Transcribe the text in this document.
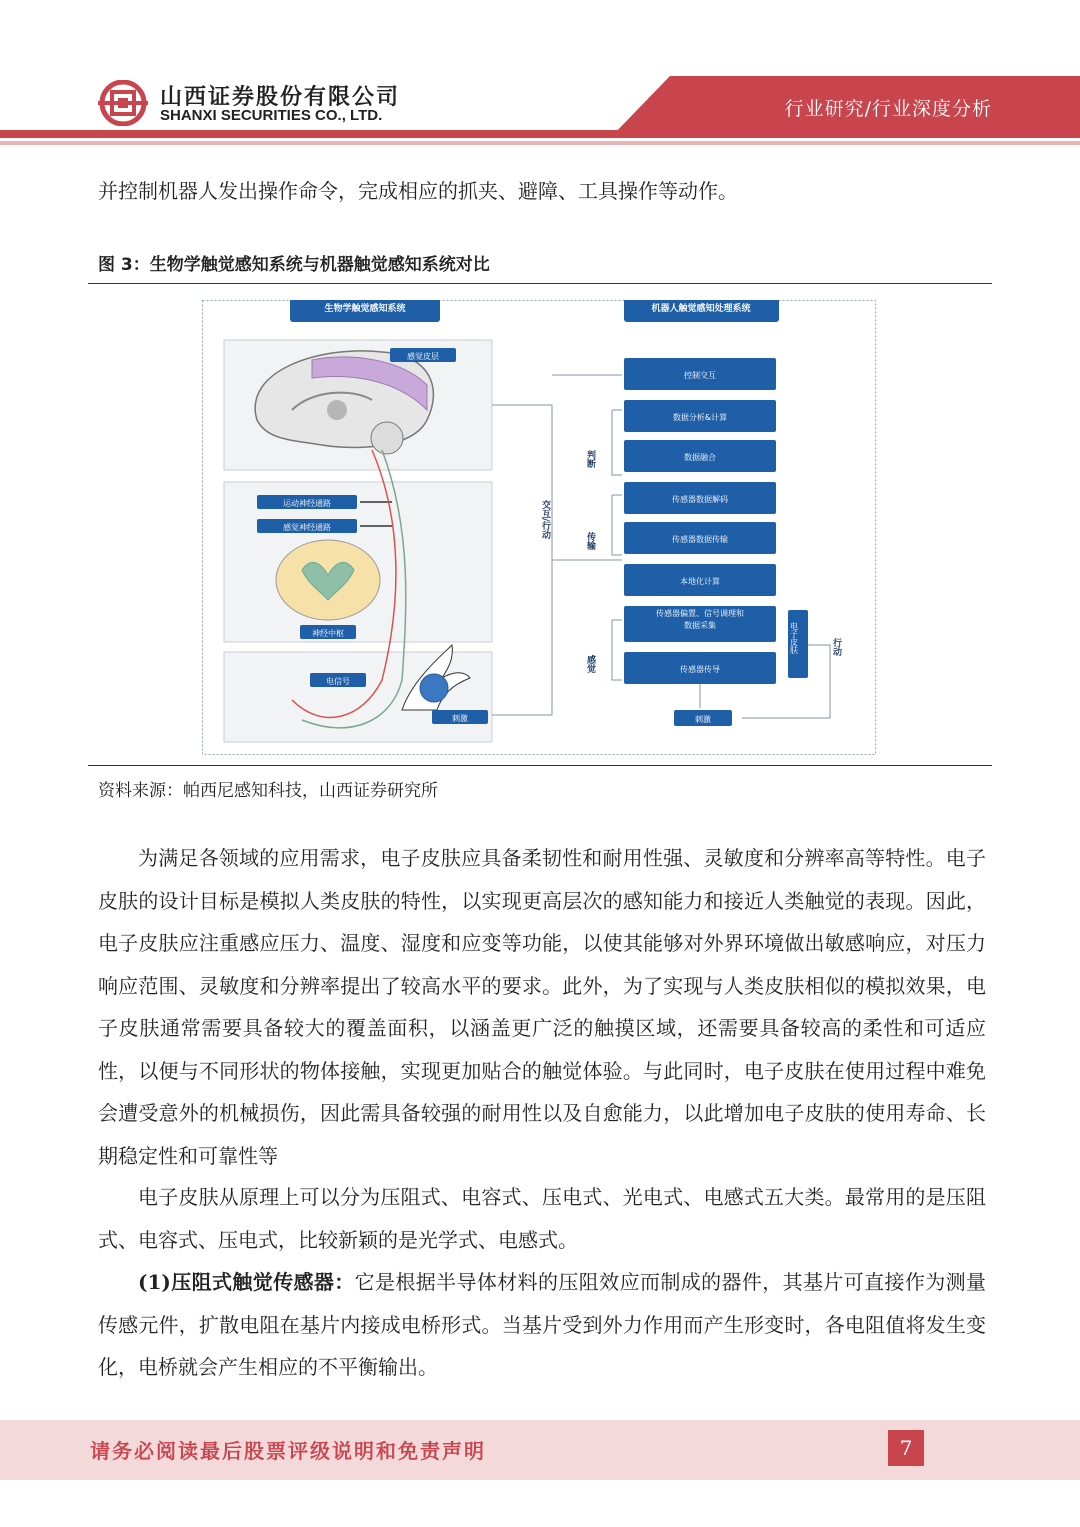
山西证券股份有限公司
SHANXI SECURITIES CO., LTD.	行业研究/行业深度分析

并控制机器人发出操作命令，完成相应的抓夹、避障、工具操作等动作。

图 3：生物学触觉感知系统与机器触觉感知系统对比
生物学触觉感知系统
感觉皮层
运动神经通路
感觉神经通路
神经中枢
电信号
刺激
交互/行动
机器人触觉感知处理系统
判断
传输
感觉
控制交互
数据分析&计算
数据融合
传感器数据解码
传感器数据传输
本地化计算
传感器偏置、信号调理和数据采集
传感器传导
电子皮肤	行动
刺激
资料来源：帕西尼感知科技，山西证券研究所

为满足各领域的应用需求，电子皮肤应具备柔韧性和耐用性强、灵敏度和分辨率高等特性。电子皮肤的设计目标是模拟人类皮肤的特性，以实现更高层次的感知能力和接近人类触觉的表现。因此，电子皮肤应注重感应压力、温度、湿度和应变等功能，以使其能够对外界环境做出敏感响应，对压力响应范围、灵敏度和分辨率提出了较高水平的要求。此外，为了实现与人类皮肤相似的模拟效果，电子皮肤通常需要具备较大的覆盖面积，以涵盖更广泛的触摸区域，还需要具备较高的柔性和可适应性，以便与不同形状的物体接触，实现更加贴合的触觉体验。与此同时，电子皮肤在使用过程中难免会遭受意外的机械损伤，因此需具备较强的耐用性以及自愈能力，以此增加电子皮肤的使用寿命、长期稳定性和可靠性等

电子皮肤从原理上可以分为压阻式、电容式、压电式、光电式、电感式五大类。最常用的是压阻式、电容式、压电式，比较新颖的是光学式、电感式。

(1)压阻式触觉传感器：它是根据半导体材料的压阻效应而制成的器件，其基片可直接作为测量传感元件，扩散电阻在基片内接成电桥形式。当基片受到外力作用而产生形变时，各电阻值将发生变化，电桥就会产生相应的不平衡输出。

请务必阅读最后股票评级说明和免责声明	7
